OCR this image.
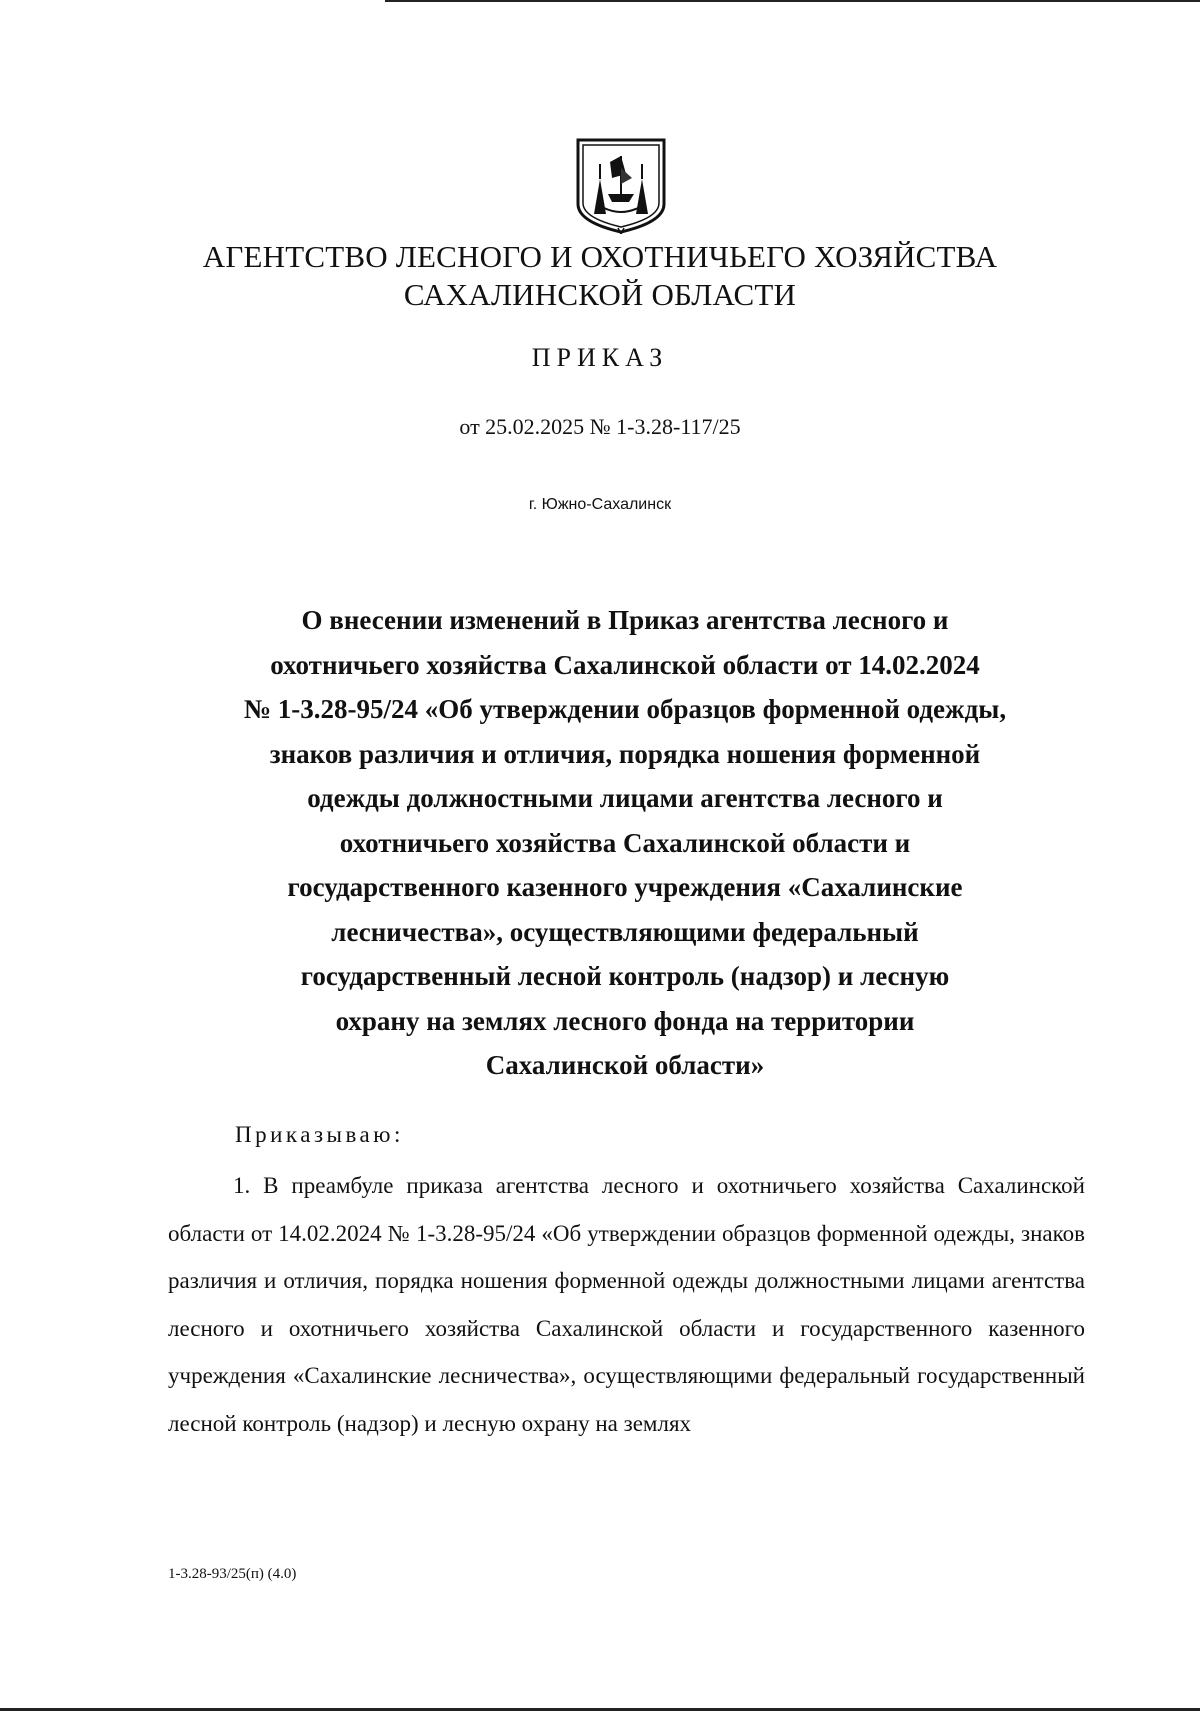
АГЕНТСТВО ЛЕСНОГО И ОХОТНИЧЬЕГО ХОЗЯЙСТВА
САХАЛИНСКОЙ ОБЛАСТИ
ПРИКАЗ
от 25.02.2025 № 1-3.28-117/25
г. Южно-Сахалинск
О внесении изменений в Приказ агентства лесного и
охотничьего хозяйства Сахалинской области от 14.02.2024
№ 1-3.28-95/24 «Об утверждении образцов форменной одежды,
знаков различия и отличия, порядка ношения форменной
одежды должностными лицами агентства лесного и
охотничьего хозяйства Сахалинской области и
государственного казенного учреждения «Сахалинские
лесничества», осуществляющими федеральный
государственный лесной контроль (надзор) и лесную
охрану на землях лесного фонда на территории
Сахалинской области»
Приказываю:
1. В преамбуле приказа агентства лесного и охотничьего хозяйства Сахалинской области от 14.02.2024 № 1-3.28-95/24 «Об утверждении образцов форменной одежды, знаков различия и отличия, порядка ношения форменной одежды должностными лицами агентства лесного и охотничьего хозяйства Сахалинской области и государственного казенного учреждения «Сахалинские лесничества», осуществляющими федеральный государственный лесной контроль (надзор) и лесную охрану на землях
1-3.28-93/25(п) (4.0)
